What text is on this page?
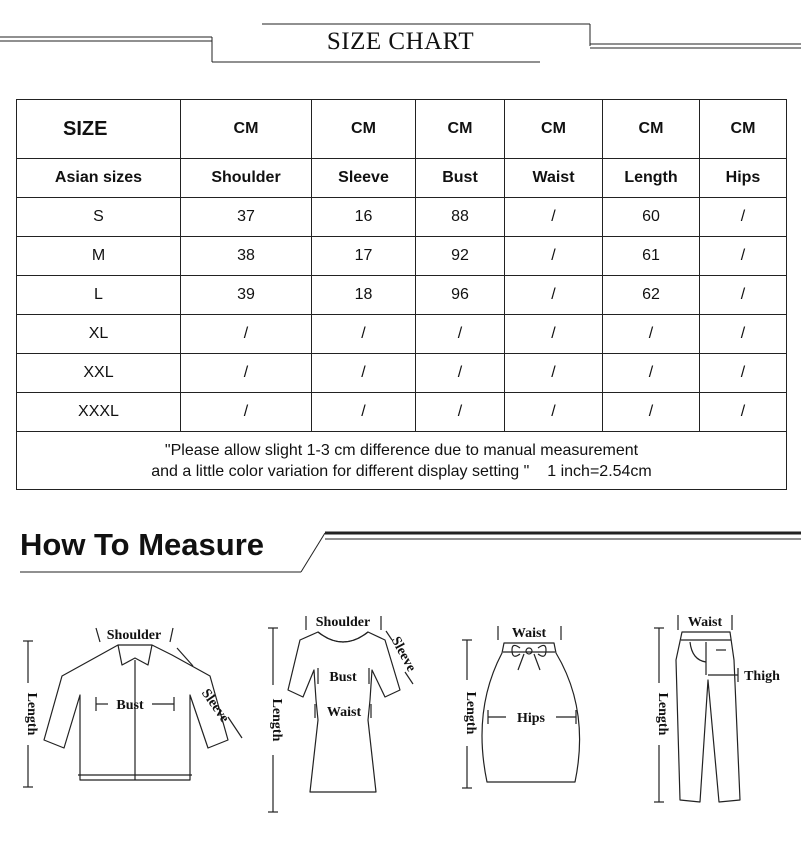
SIZE CHART
SIZE	CM	CM	CM	CM	CM	CM
Asian sizes	Shoulder	Sleeve	Bust	Waist	Length	Hips
S	37	16	88	/	60	/
M	38	17	92	/	61	/
L	39	18	96	/	62	/
XL	/	/	/	/	/	/
XXL	/	/	/	/	/	/
XXXL	/	/	/	/	/	/

"Please allow slight 1-3 cm difference due to manual measurement
and a little color variation for different display setting " 1 inch=2.54cm						
How To Measure
Shoulder
Bust	Sleeve
Length
Shoulder
Sleeve
Bust
Waist
Length
Waist
Hips
Length
Waist
Thigh
Length
